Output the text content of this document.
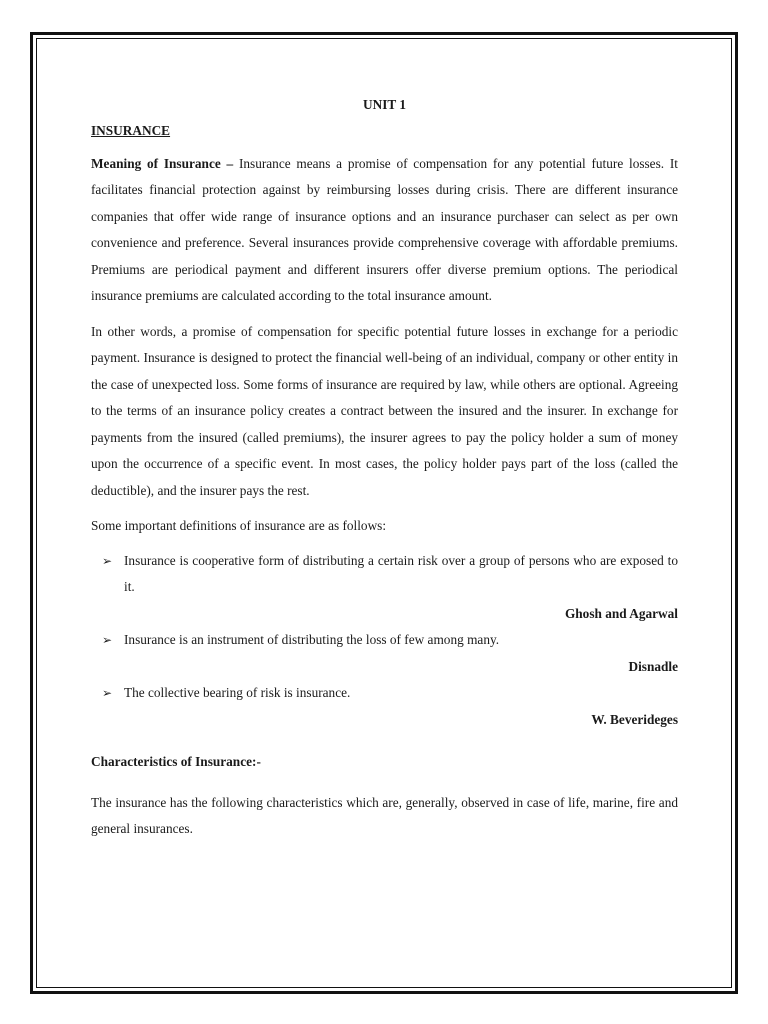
UNIT 1

INSURANCE

Meaning of Insurance – Insurance means a promise of compensation for any potential future losses. It facilitates financial protection against by reimbursing losses during crisis. There are different insurance companies that offer wide range of insurance options and an insurance purchaser can select as per own convenience and preference. Several insurances provide comprehensive coverage with affordable premiums. Premiums are periodical payment and different insurers offer diverse premium options. The periodical insurance premiums are calculated according to the total insurance amount.

In other words, a promise of compensation for specific potential future losses in exchange for a periodic payment. Insurance is designed to protect the financial well-being of an individual, company or other entity in the case of unexpected loss. Some forms of insurance are required by law, while others are optional. Agreeing to the terms of an insurance policy creates a contract between the insured and the insurer. In exchange for payments from the insured (called premiums), the insurer agrees to pay the policy holder a sum of money upon the occurrence of a specific event. In most cases, the policy holder pays part of the loss (called the deductible), and the insurer pays the rest.

Some important definitions of insurance are as follows:

➢ Insurance is cooperative form of distributing a certain risk over a group of persons who are exposed to it.

Ghosh and Agarwal

➢ Insurance is an instrument of distributing the loss of few among many.

Disnadle

➢ The collective bearing of risk is insurance.

W. Beverideges

Characteristics of Insurance:-

The insurance has the following characteristics which are, generally, observed in case of life, marine, fire and general insurances.
